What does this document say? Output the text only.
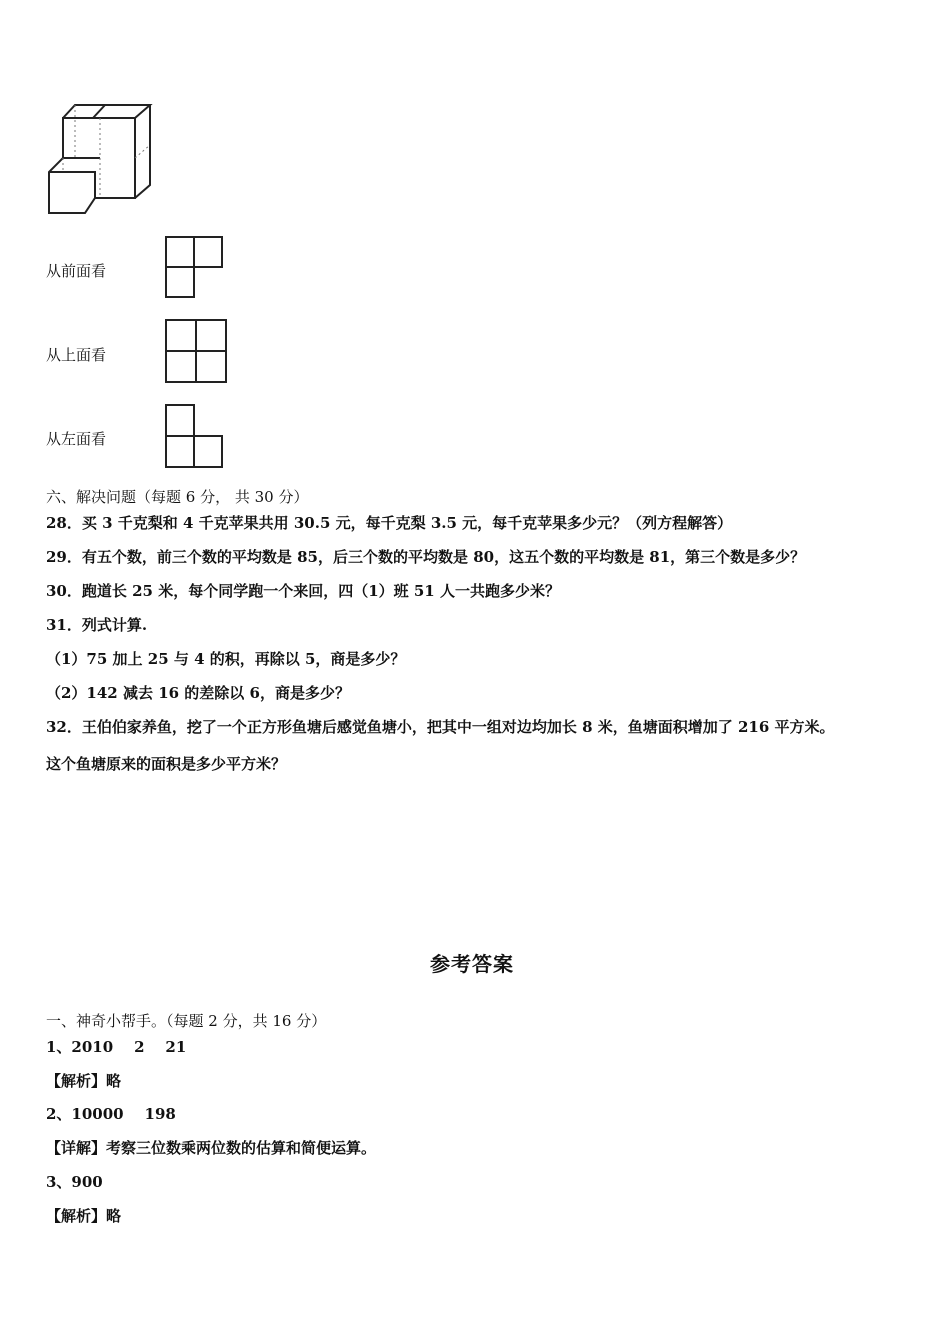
从前面看
从上面看
从左面看
六、解决问题（每题 6 分， 共 30 分）
28．买 3 千克梨和 4 千克苹果共用 30.5 元，每千克梨 3.5 元，每千克苹果多少元？（列方程解答）
29．有五个数，前三个数的平均数是 85，后三个数的平均数是 80，这五个数的平均数是 81，第三个数是多少？
30．跑道长 25 米，每个同学跑一个来回，四（1）班 51 人一共跑多少米？
31．列式计算.
（1）75 加上 25 与 4 的积，再除以 5，商是多少？
（2）142 减去 16 的差除以 6，商是多少？
32．王伯伯家养鱼，挖了一个正方形鱼塘后感觉鱼塘小，把其中一组对边均加长 8 米，鱼塘面积增加了 216 平方米。
这个鱼塘原来的面积是多少平方米？
参考答案
一、神奇小帮手。（每题 2 分，共 16 分）
1、2010    2    21
【解析】略
2、10000    198
【详解】考察三位数乘两位数的估算和简便运算。
3、900
【解析】略
